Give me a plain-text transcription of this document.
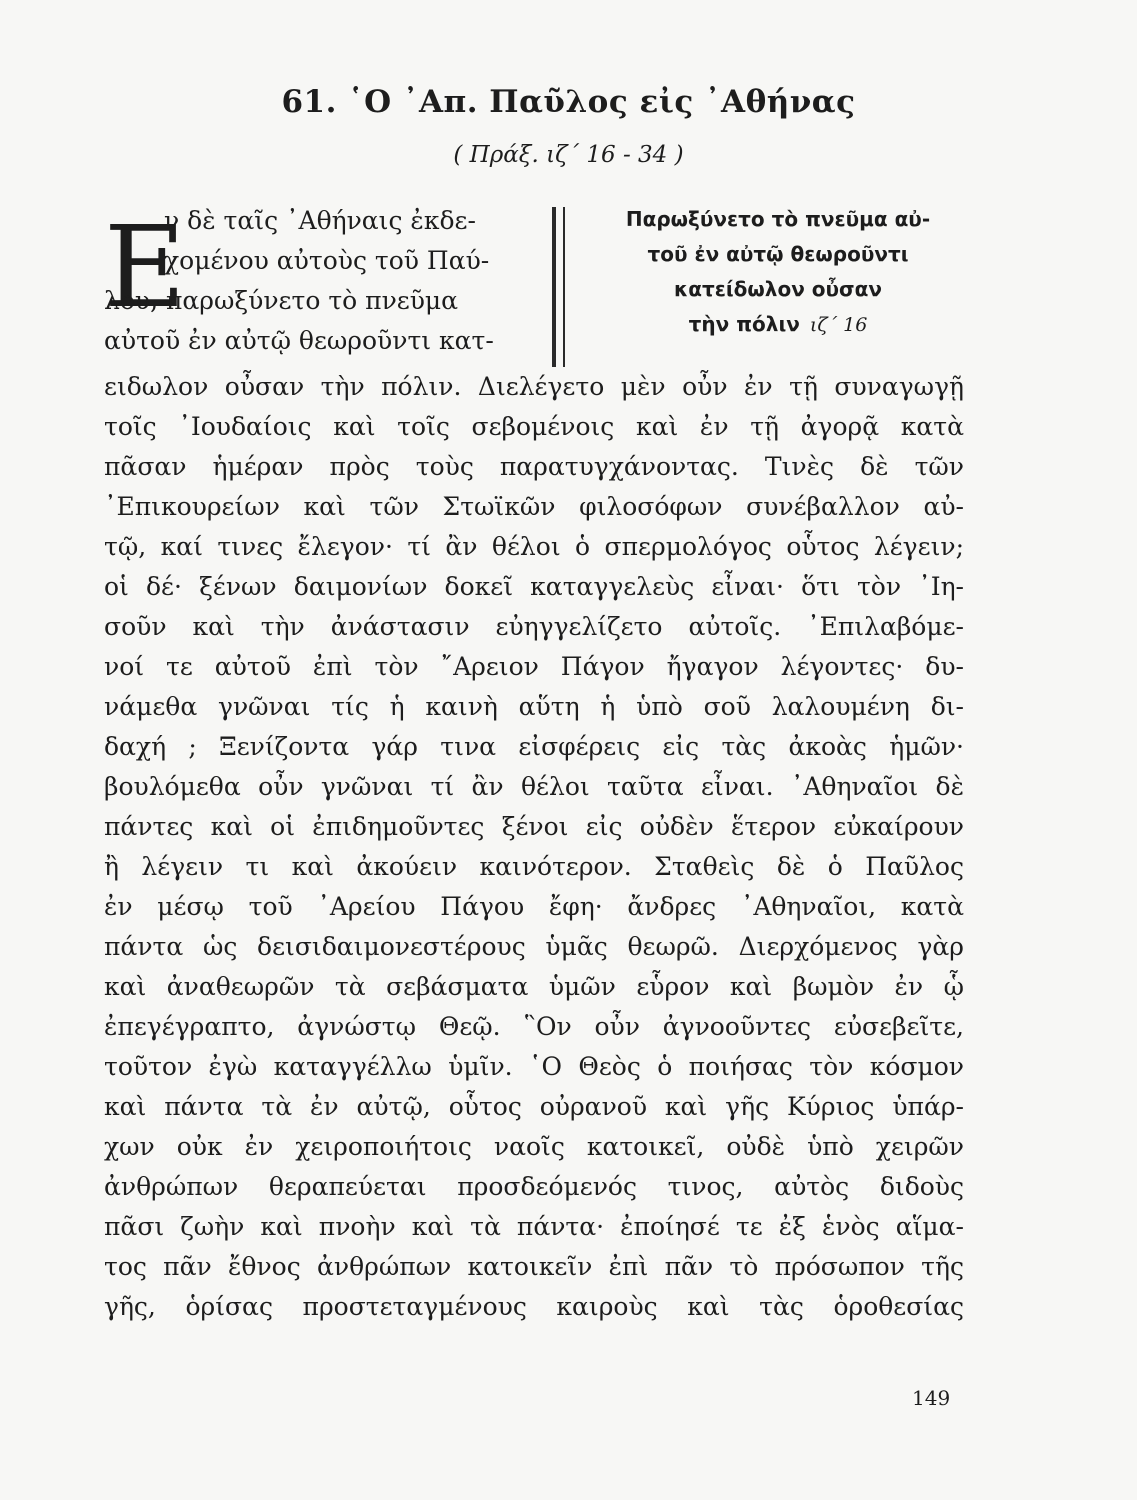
61. ῾Ο ᾿Απ. Παῦλος εἰς ᾿Αθήνας
( Πράξ. ιζ΄ 16 - 34 )
Ε
ν δὲ ταῖς ᾿Αθήναις ἐκδε-
χομένου αὐτοὺς τοῦ Παύ-
λου, παρωξύνετο τὸ πνεῦμα
αὐτοῦ ἐν αὐτῷ θεωροῦντι κατ-
Παρωξύνετο τὸ πνεῦμα αὐ-
τοῦ ἐν αὐτῷ θεωροῦντι
κατείδωλον οὖσαν
τὴν πόλιν ιζ΄ 16
ειδωλον οὖσαν τὴν πόλιν. Διελέγετο μὲν οὖν ἐν τῇ συναγωγῇ
τοῖς ᾿Ιουδαίοις καὶ τοῖς σεβομένοις καὶ ἐν τῇ ἀγορᾷ κατὰ
πᾶσαν ἡμέραν πρὸς τοὺς παρατυγχάνοντας. Τινὲς δὲ τῶν
᾿Επικουρείων καὶ τῶν Στωϊκῶν φιλοσόφων συνέβαλλον αὐ-
τῷ, καί τινες ἔλεγον· τί ἂν θέλοι ὁ σπερμολόγος οὗτος λέγειν;
οἱ δέ· ξένων δαιμονίων δοκεῖ καταγγελεὺς εἶναι· ὅτι τὸν ᾿Ιη-
σοῦν καὶ τὴν ἀνάστασιν εὐηγγελίζετο αὐτοῖς. ᾿Επιλαβόμε-
νοί τε αὐτοῦ ἐπὶ τὸν ῎Αρειον Πάγον ἤγαγον λέγοντες· δυ-
νάμεθα γνῶναι τίς ἡ καινὴ αὕτη ἡ ὑπὸ σοῦ λαλουμένη δι-
δαχή ; Ξενίζοντα γάρ τινα εἰσφέρεις εἰς τὰς ἀκοὰς ἡμῶν·
βουλόμεθα οὖν γνῶναι τί ἂν θέλοι ταῦτα εἶναι. ᾿Αθηναῖοι δὲ
πάντες καὶ οἱ ἐπιδημοῦντες ξένοι εἰς οὐδὲν ἕτερον εὐκαίρουν
ἢ λέγειν τι καὶ ἀκούειν καινότερον. Σταθεὶς δὲ ὁ Παῦλος
ἐν μέσῳ τοῦ ᾿Αρείου Πάγου ἔφη· ἄνδρες ᾿Αθηναῖοι, κατὰ
πάντα ὡς δεισιδαιμονεστέρους ὑμᾶς θεωρῶ. Διερχόμενος γὰρ
καὶ ἀναθεωρῶν τὰ σεβάσματα ὑμῶν εὗρον καὶ βωμὸν ἐν ᾧ
ἐπεγέγραπτο, ἀγνώστῳ Θεῷ. ῝Ον οὖν ἀγνοοῦντες εὐσεβεῖτε,
τοῦτον ἐγὼ καταγγέλλω ὑμῖν. ῾Ο Θεὸς ὁ ποιήσας τὸν κόσμον
καὶ πάντα τὰ ἐν αὐτῷ, οὗτος οὐρανοῦ καὶ γῆς Κύριος ὑπάρ-
χων οὐκ ἐν χειροποιήτοις ναοῖς κατοικεῖ, οὐδὲ ὑπὸ χειρῶν
ἀνθρώπων θεραπεύεται προσδεόμενός τινος, αὐτὸς διδοὺς
πᾶσι ζωὴν καὶ πνοὴν καὶ τὰ πάντα· ἐποίησέ τε ἐξ ἑνὸς αἵμα-
τος πᾶν ἔθνος ἀνθρώπων κατοικεῖν ἐπὶ πᾶν τὸ πρόσωπον τῆς
γῆς, ὁρίσας προστεταγμένους καιροὺς καὶ τὰς ὁροθεσίας
149
